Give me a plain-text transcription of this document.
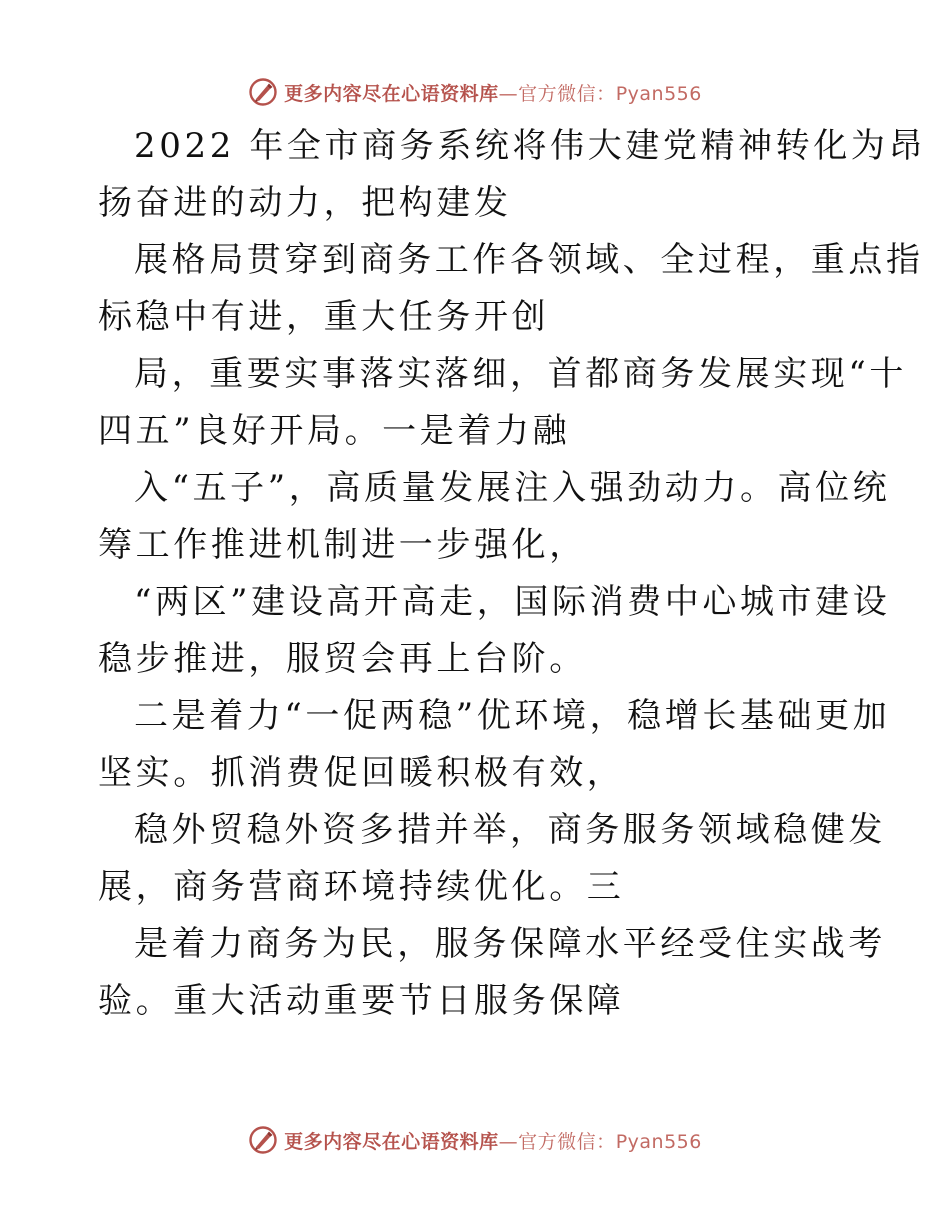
更多内容尽在心语资料库—官方微信：Pyan556
2022 年全市商务系统将伟大建党精神转化为昂
扬奋进的动力，把构建发
展格局贯穿到商务工作各领域、全过程，重点指
标稳中有进，重大任务开创
局，重要实事落实落细，首都商务发展实现“十
四五”良好开局。一是着力融
入“五子”，高质量发展注入强劲动力。高位统
筹工作推进机制进一步强化，
“两区”建设高开高走，国际消费中心城市建设
稳步推进，服贸会再上台阶。
二是着力“一促两稳”优环境，稳增长基础更加
坚实。抓消费促回暖积极有效，
稳外贸稳外资多措并举，商务服务领域稳健发
展，商务营商环境持续优化。三
是着力商务为民，服务保障水平经受住实战考
验。重大活动重要节日服务保障
更多内容尽在心语资料库—官方微信：Pyan556
